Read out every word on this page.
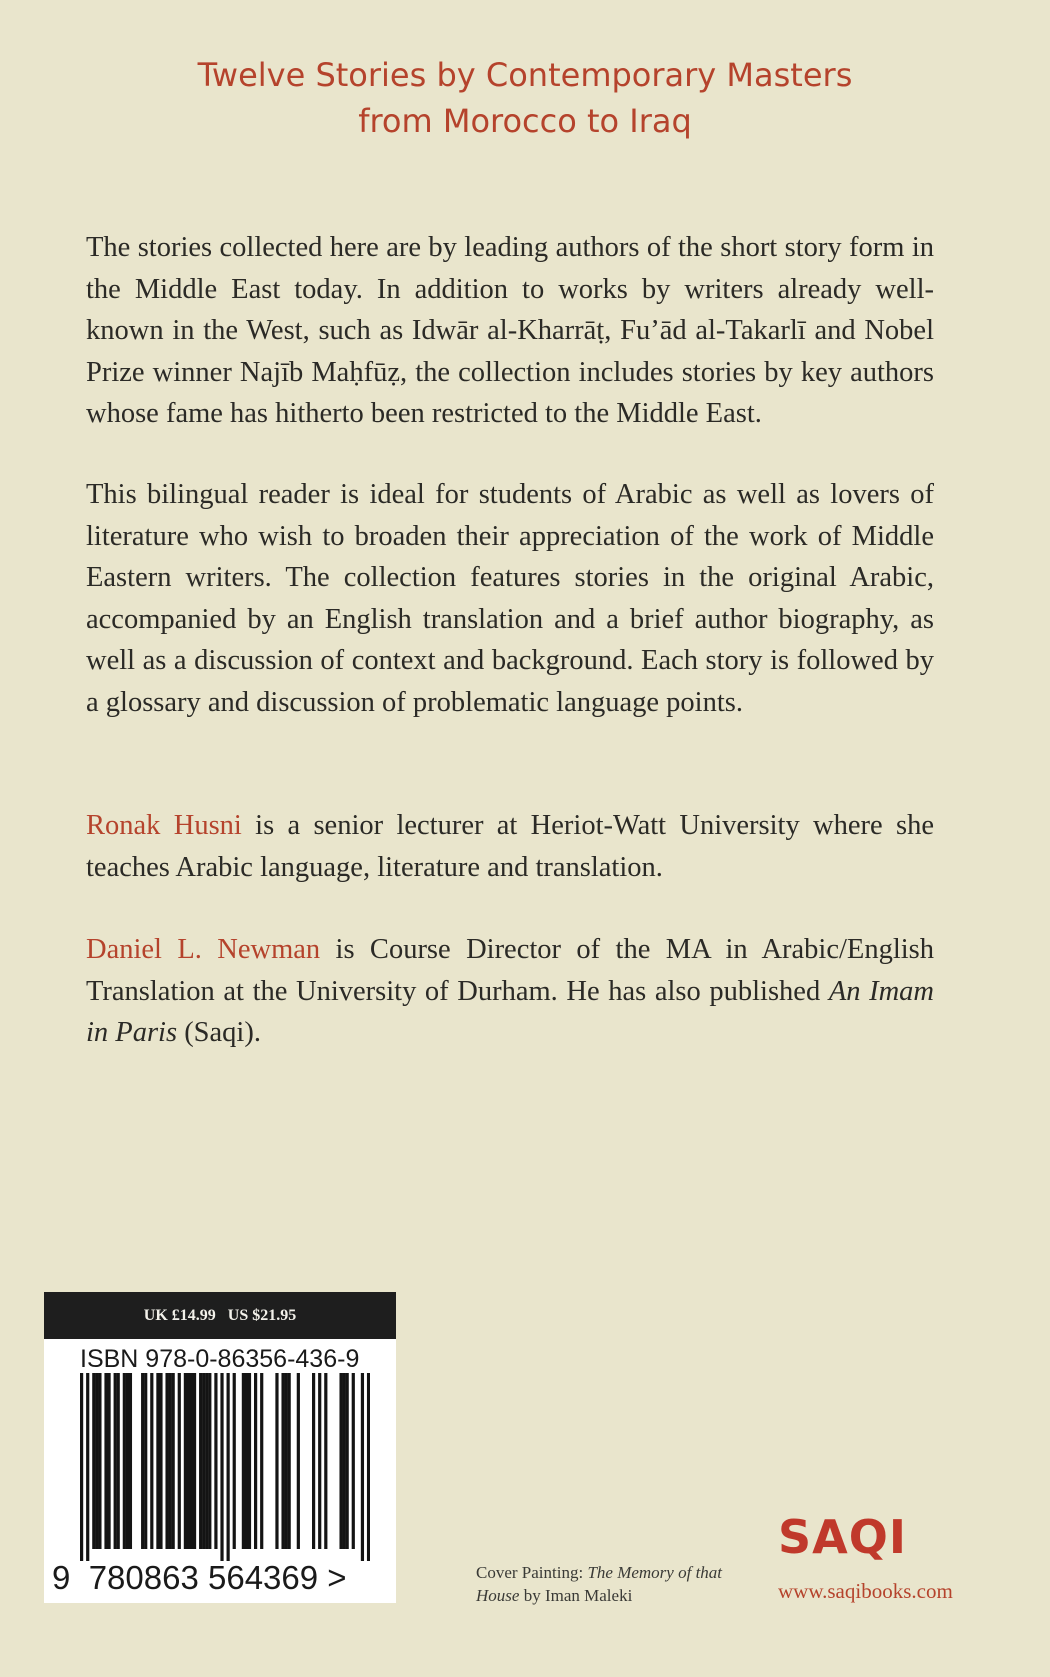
Twelve Stories by Contemporary Masters
from Morocco to Iraq

The stories collected here are by leading authors of the short story form in the Middle East today. In addition to works by writers already well-known in the West, such as Idwār al-Kharrāṭ, Fu’ād al-Takarlī and Nobel Prize winner Najīb Maḥfūẓ, the collection includes stories by key authors whose fame has hitherto been restricted to the Middle East.

This bilingual reader is ideal for students of Arabic as well as lovers of literature who wish to broaden their appreciation of the work of Middle Eastern writers. The collection features stories in the original Arabic, accompanied by an English translation and a brief author biography, as well as a discussion of context and background. Each story is followed by a glossary and discussion of problematic language points.

Ronak Husni is a senior lecturer at Heriot-Watt University where she teaches Arabic language, literature and translation.

Daniel L. Newman is Course Director of the MA in Arabic/English Translation at the University of Durham. He has also published An Imam in Paris (Saqi).

UK £14.99 US $21.95
ISBN 978-0-86356-436-9
9 780863 564369 >	Cover Painting: The Memory of that House by Iman Maleki
SAQI
www.saqibooks.com
